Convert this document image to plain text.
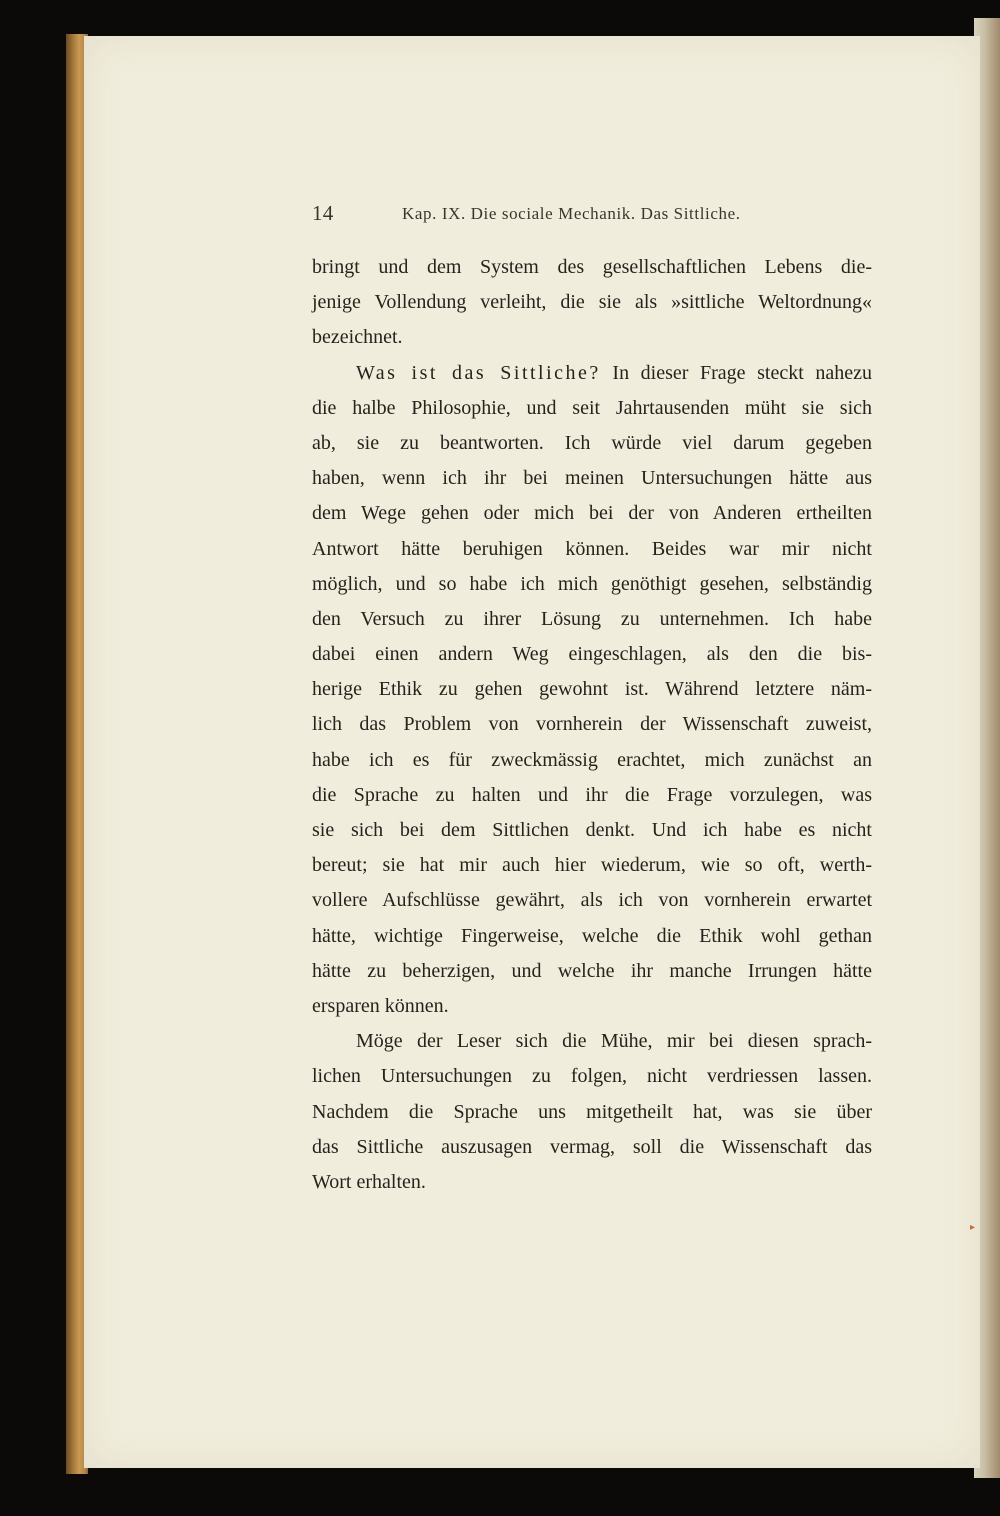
14	Kap. IX. Die sociale Mechanik. Das Sittliche.
bringt und dem System des gesellschaftlichen Lebens die-
jenige Vollendung verleiht, die sie als »sittliche Weltordnung«
bezeichnet.
Was ist das Sittliche? In dieser Frage steckt nahezu
die halbe Philosophie, und seit Jahrtausenden müht sie sich
ab, sie zu beantworten. Ich würde viel darum gegeben
haben, wenn ich ihr bei meinen Untersuchungen hätte aus
dem Wege gehen oder mich bei der von Anderen ertheilten
Antwort hätte beruhigen können. Beides war mir nicht
möglich, und so habe ich mich genöthigt gesehen, selbständig
den Versuch zu ihrer Lösung zu unternehmen. Ich habe
dabei einen andern Weg eingeschlagen, als den die bis-
herige Ethik zu gehen gewohnt ist. Während letztere näm-
lich das Problem von vornherein der Wissenschaft zuweist,
habe ich es für zweckmässig erachtet, mich zunächst an
die Sprache zu halten und ihr die Frage vorzulegen, was
sie sich bei dem Sittlichen denkt. Und ich habe es nicht
bereut; sie hat mir auch hier wiederum, wie so oft, werth-
vollere Aufschlüsse gewährt, als ich von vornherein erwartet
hätte, wichtige Fingerweise, welche die Ethik wohl gethan
hätte zu beherzigen, und welche ihr manche Irrungen hätte
ersparen können.
Möge der Leser sich die Mühe, mir bei diesen sprach-
lichen Untersuchungen zu folgen, nicht verdriessen lassen.
Nachdem die Sprache uns mitgetheilt hat, was sie über
das Sittliche auszusagen vermag, soll die Wissenschaft das
Wort erhalten.
▸
